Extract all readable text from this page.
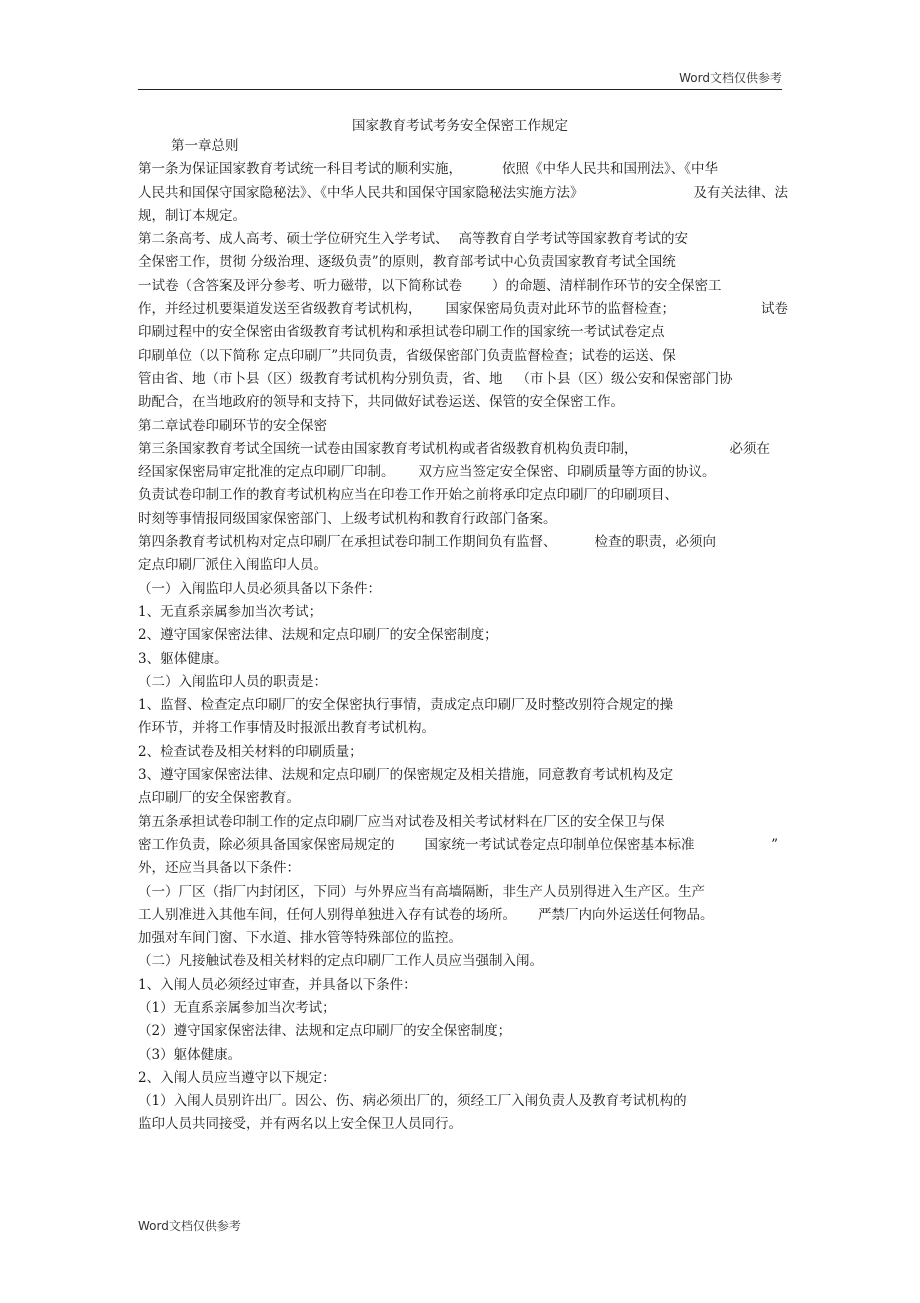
Word文档仅供参考
国家教育考试考务安全保密工作规定
第一章总则
第一条为保证国家教育考试统一科目考试的顺利实施，	依照《中华人民共和国刑法》、《中华
人民共和国保守国家隐秘法》、《中华人民共和国保守国家隐秘法实施方法》	及有关法律、法
规，制订本规定。
第二条高考、成人高考、硕士学位研究生入学考试、 高等教育自学考试等国家教育考试的安
全保密工作，贯彻 分级治理、逐级负责”的原则，教育部考试中心负责国家教育考试全国统
一试卷（含答案及评分参考、听力磁带，以下简称试卷 ）的命题、清样制作环节的安全保密工
作，并经过机要渠道发送至省级教育考试机构， 国家保密局负责对此环节的监督检查；	试卷
印刷过程中的安全保密由省级教育考试机构和承担试卷印刷工作的国家统一考试试卷定点
印刷单位（以下简称 定点印刷厂”共同负责，省级保密部门负责监督检查；试卷的运送、保
管由省、地（市卜县（区）级教育考试机构分别负责，省、地 （市卜县（区）级公安和保密部门协
助配合，在当地政府的领导和支持下，共同做好试卷运送、保管的安全保密工作。
第二章试卷印刷环节的安全保密
第三条国家教育考试全国统一试卷由国家教育考试机构或者省级教育机构负责印制，	必须在
经国家保密局审定批准的定点印刷厂印制。 双方应当签定安全保密、印刷质量等方面的协议。
负责试卷印制工作的教育考试机构应当在印卷工作开始之前将承印定点印刷厂的印刷项目、
时刻等事情报同级国家保密部门、上级考试机构和教育行政部门备案。
第四条教育考试机构对定点印刷厂在承担试卷印制工作期间负有监督、	检查的职责，必须向
定点印刷厂派住入闱监印人员。
（一）入闱监印人员必须具备以下条件：
1、无直系亲属参加当次考试；
2、遵守国家保密法律、法规和定点印刷厂的安全保密制度；
3、躯体健康。
（二）入闱监印人员的职责是：
1、监督、检查定点印刷厂的安全保密执行事情，责成定点印刷厂及时整改别符合规定的操
作环节，并将工作事情及时报派出教育考试机构。
2、检查试卷及相关材料的印刷质量；
3、遵守国家保密法律、法规和定点印刷厂的保密规定及相关措施，同意教育考试机构及定
点印刷厂的安全保密教育。
第五条承担试卷印制工作的定点印刷厂应当对试卷及相关考试材料在厂区的安全保卫与保
密工作负责，除必须具备国家保密局规定的 国家统一考试试卷定点印制单位保密基本标准	”
外，还应当具备以下条件：
（一）厂区（指厂内封闭区，下同）与外界应当有高墙隔断，非生产人员别得进入生产区。生产
工人别准进入其他车间，任何人别得单独进入存有试卷的场所。 严禁厂内向外运送任何物品。
加强对车间门窗、下水道、排水管等特殊部位的监控。
（二）凡接触试卷及相关材料的定点印刷厂工作人员应当强制入闱。
1、入闱人员必须经过审查，并具备以下条件：
（1）无直系亲属参加当次考试；
（2）遵守国家保密法律、法规和定点印刷厂的安全保密制度；
（3）躯体健康。
2、入闱人员应当遵守以下规定：
（1）入闱人员别许出厂。因公、伤、病必须出厂的，须经工厂入闱负责人及教育考试机构的
监印人员共同接受，并有两名以上安全保卫人员同行。
Word文档仅供参考
